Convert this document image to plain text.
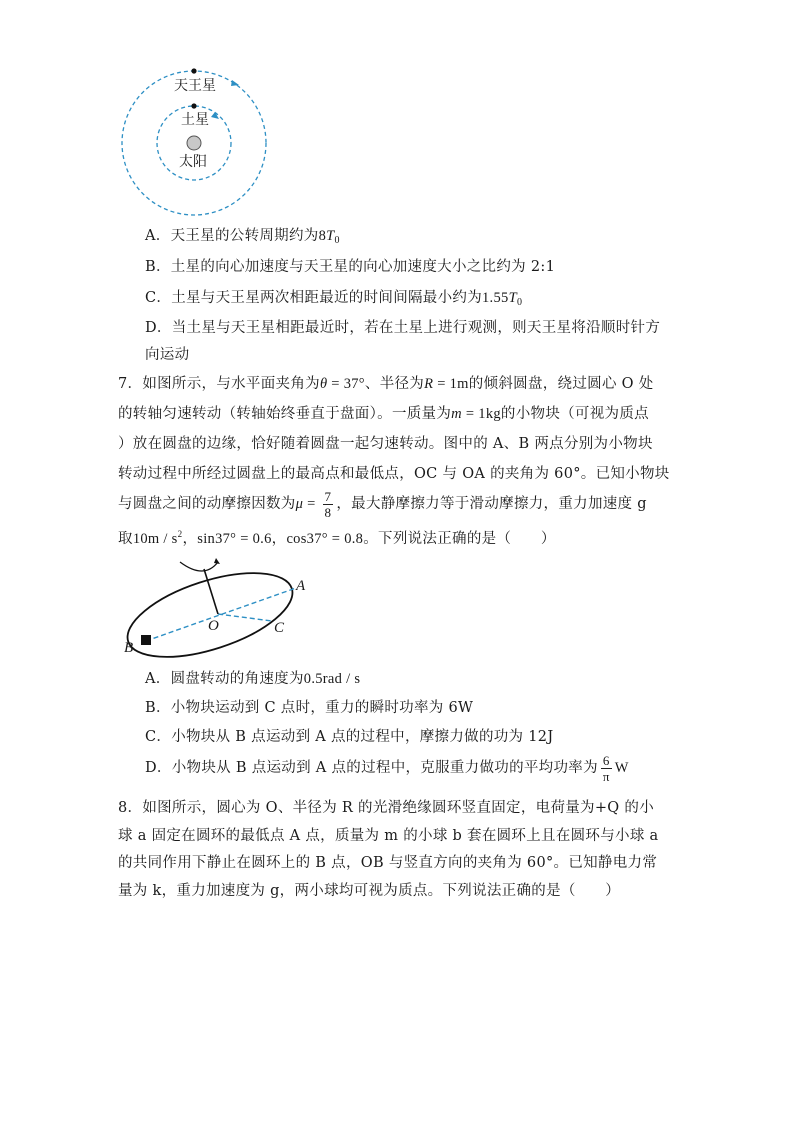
天王星
土星
太阳
A．天王星的公转周期约为$8T_0$
B．土星的向心加速度与天王星的向心加速度大小之比约为 2:1
C．土星与天王星两次相距最近的时间间隔最小约为$1.55T_0$
D．当土星与天王星相距最近时，若在土星上进行观测，则天王星将沿顺时针方
向运动
7．如图所示，与水平面夹角为θ = 37°、半径为R = 1m的倾斜圆盘，绕过圆心 O 处
的转轴匀速转动（转轴始终垂直于盘面）。一质量为m = 1kg的小物块（可视为质点
）放在圆盘的边缘，恰好随着圆盘一起匀速转动。图中的 A、B 两点分别为小物块
转动过程中所经过圆盘上的最高点和最低点，OC 与 OA 的夹角为 60°。已知小物块
与圆盘之间的动摩擦因数为$\mu = \frac{7}{8}$ ，最大静摩擦力等于滑动摩擦力，重力加速度 g
取$10m / s^2$，sin37° = 0.6，cos37° = 0.8。下列说法正确的是（　　）
A
B
O	C
A．圆盘转动的角速度为0.5rad / s
B．小物块运动到 C 点时，重力的瞬时功率为 6W
C．小物块从 B 点运动到 A 点的过程中，摩擦力做的功为 12J
D．小物块从 B 点运动到 A 点的过程中，克服重力做功的平均功率为 $\frac{6}{\pi}$ W
8．如图所示，圆心为 O、半径为 R 的光滑绝缘圆环竖直固定，电荷量为+Q 的小
球 a 固定在圆环的最低点 A 点，质量为 m 的小球 b 套在圆环上且在圆环与小球 a
的共同作用下静止在圆环上的 B 点，OB 与竖直方向的夹角为 60°。已知静电力常
量为 k，重力加速度为 g，两小球均可视为质点。下列说法正确的是（　　）
